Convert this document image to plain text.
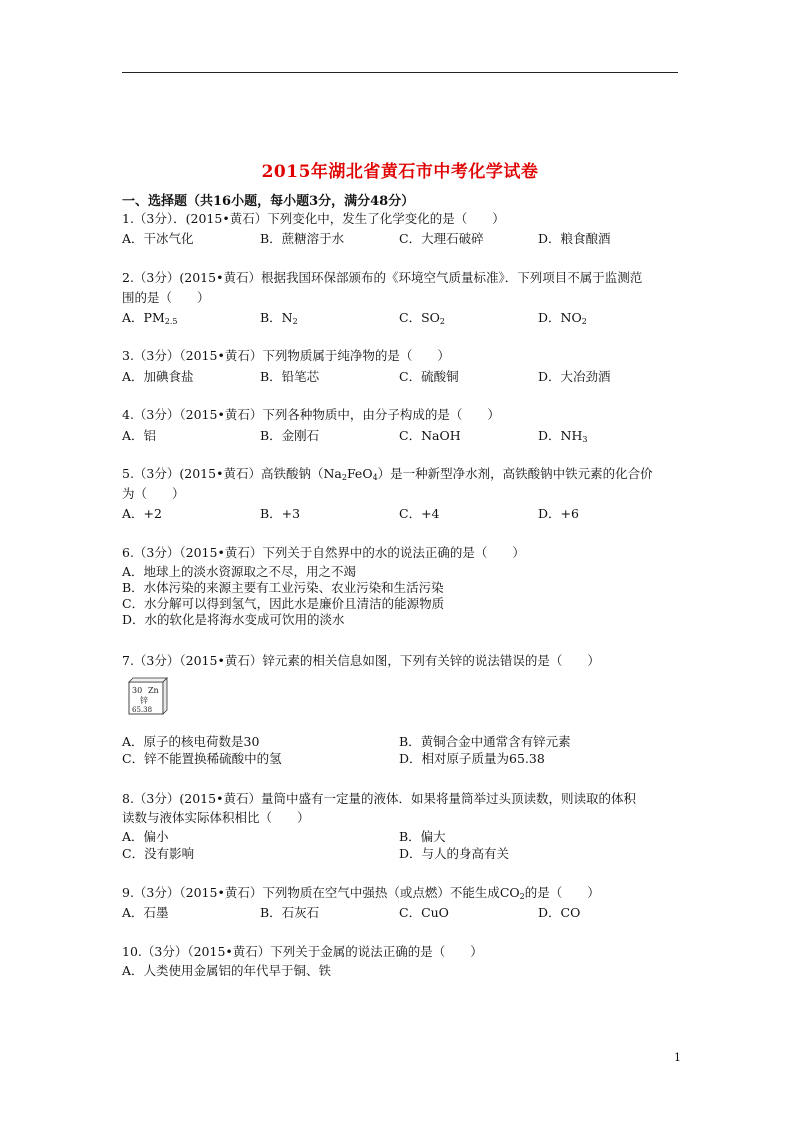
2015年湖北省黄石市中考化学试卷
一、选择题（共16小题，每小题3分，满分48分）
1.（3分）．(2015•黄石）下列变化中，发生了化学变化的是（　　）
A．干冰气化	B．蔗糖溶于水	C．大理石破碎	D．粮食酿酒
2.（3分）(2015•黄石）根据我国环保部颁布的《环境空气质量标准》．下列项目不属于监测范
围的是（　　）
A．$PM_{2.5}$	B．$N_2$	C．$SO_2$	D．$NO_2$
3.（3分）（2015•黄石）下列物质属于纯净物的是（　　）
A．加碘食盐	B．铅笔芯	C．硫酸铜	D．大冶劲酒
4.（3分）（2015•黄石）下列各种物质中，由分子构成的是（　　）
A．铝	B．金刚石	C．NaOH	D．$NH_3$
5.（3分）(2015•黄石）高铁酸钠$(Na_2FeO_4)$是一种新型净水剂，高铁酸钠中铁元素的化合价
为（　　）
A．+2	B．+3	C．+4	D．+6
6.（3分）（2015•黄石）下列关于自然界中的水的说法正确的是（　　）
A．地球上的淡水资源取之不尽，用之不竭
B．水体污染的来源主要有工业污染、农业污染和生活污染
C．水分解可以得到氢气，因此水是廉价且清洁的能源物质
D．水的软化是将海水变成可饮用的淡水
7.（3分）（2015•黄石）锌元素的相关信息如图，下列有关锌的说法错误的是（　　）
30 Zn
锌
65.38
A．原子的核电荷数是30	B．黄铜合金中通常含有锌元素
C．锌不能置换稀硫酸中的氢	D．相对原子质量为65.38
8.（3分）(2015•黄石）量筒中盛有一定量的液体．如果将量筒举过头顶读数，则读取的体积
读数与液体实际体积相比（　　）
A．偏小	B．偏大
C．没有影响	D．与人的身高有关
9.（3分）（2015•黄石）下列物质在空气中强热（或点燃）不能生成$CO_2$的是（　　）
A．石墨	B．石灰石	C．CuO	D．CO
10.（3分）（2015•黄石）下列关于金属的说法正确的是（　　）
A．人类使用金属铝的年代早于铜、铁
1
